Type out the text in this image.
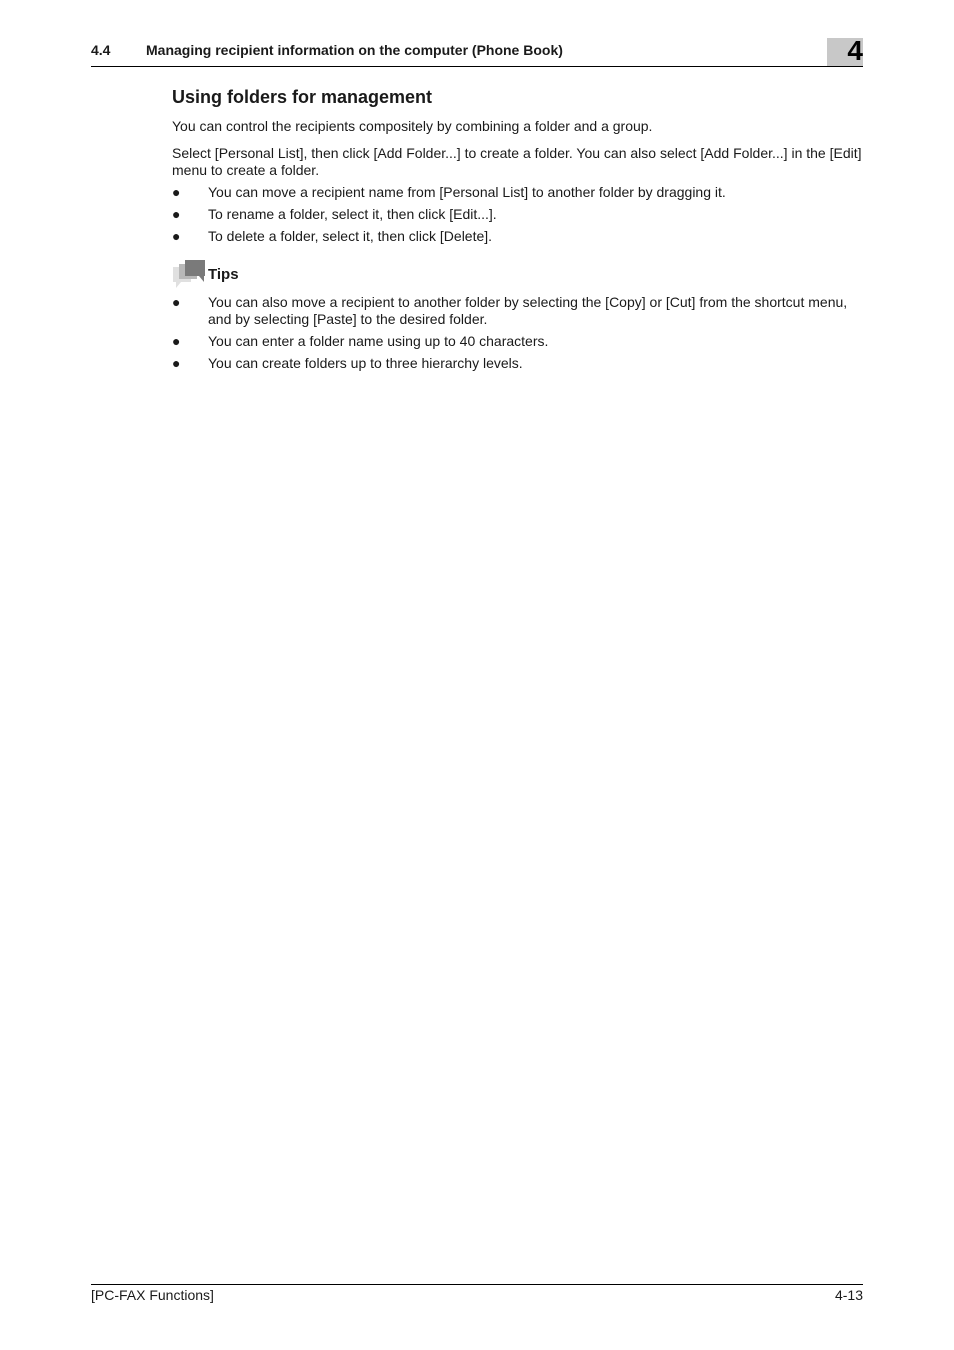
4.4	Managing recipient information on the computer (Phone Book)	4
Using folders for management

You can control the recipients compositely by combining a folder and a group.

Select [Personal List], then click [Add Folder...] to create a folder. You can also select [Add Folder...] in the [Edit] menu to create a folder.

● You can move a recipient name from [Personal List] to another folder by dragging it.
● To rename a folder, select it, then click [Edit...].
● To delete a folder, select it, then click [Delete].
Tips
● You can also move a recipient to another folder by selecting the [Copy] or [Cut] from the shortcut menu, and by selecting [Paste] to the desired folder.
● You can enter a folder name using up to 40 characters.
● You can create folders up to three hierarchy levels.
[PC-FAX Functions]	4-13
